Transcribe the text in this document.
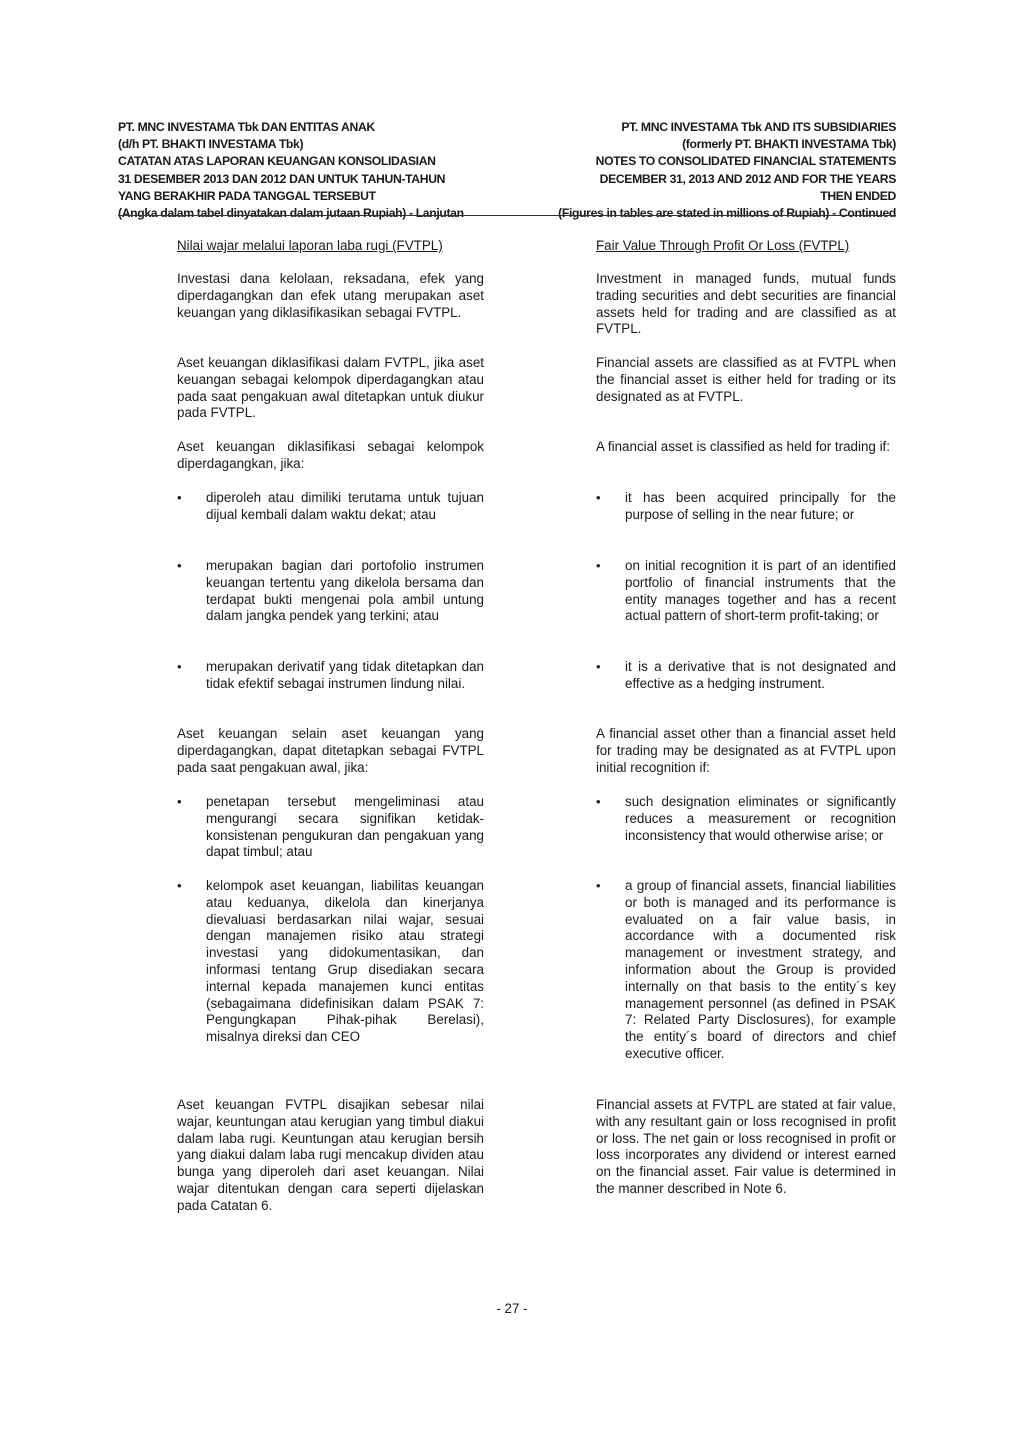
PT. MNC INVESTAMA Tbk DAN ENTITAS ANAK
(d/h PT. BHAKTI INVESTAMA Tbk)
CATATAN ATAS LAPORAN KEUANGAN KONSOLIDASIAN
31 DESEMBER 2013 DAN 2012 DAN UNTUK TAHUN-TAHUN
YANG BERAKHIR PADA TANGGAL TERSEBUT
(Angka dalam tabel dinyatakan dalam jutaan Rupiah) - Lanjutan
PT. MNC INVESTAMA Tbk AND ITS SUBSIDIARIES
(formerly PT. BHAKTI INVESTAMA Tbk)
NOTES TO CONSOLIDATED FINANCIAL STATEMENTS
DECEMBER 31, 2013 AND 2012 AND FOR THE YEARS
THEN ENDED
(Figures in tables are stated in millions of Rupiah) - Continued
Nilai wajar melalui laporan laba rugi (FVTPL)
Investasi dana kelolaan, reksadana, efek yang diperdagangkan dan efek utang merupakan aset keuangan yang diklasifikasikan sebagai FVTPL.
Aset keuangan diklasifikasi dalam FVTPL, jika aset keuangan sebagai kelompok diperdagangkan atau pada saat pengakuan awal ditetapkan untuk diukur pada FVTPL.
Aset keuangan diklasifikasi sebagai kelompok diperdagangkan, jika:
• diperoleh atau dimiliki terutama untuk tujuan dijual kembali dalam waktu dekat; atau
• merupakan bagian dari portofolio instrumen keuangan tertentu yang dikelola bersama dan terdapat bukti mengenai pola ambil untung dalam jangka pendek yang terkini; atau
• merupakan derivatif yang tidak ditetapkan dan tidak efektif sebagai instrumen lindung nilai.
Aset keuangan selain aset keuangan yang diperdagangkan, dapat ditetapkan sebagai FVTPL pada saat pengakuan awal, jika:
• penetapan tersebut mengeliminasi atau mengurangi secara signifikan ketidak-konsistenan pengukuran dan pengakuan yang dapat timbul; atau
• kelompok aset keuangan, liabilitas keuangan atau keduanya, dikelola dan kinerjanya dievaluasi berdasarkan nilai wajar, sesuai dengan manajemen risiko atau strategi investasi yang didokumentasikan, dan informasi tentang Grup disediakan secara internal kepada manajemen kunci entitas (sebagaimana didefinisikan dalam PSAK 7: Pengungkapan Pihak-pihak Berelasi), misalnya direksi dan CEO
Aset keuangan FVTPL disajikan sebesar nilai wajar, keuntungan atau kerugian yang timbul diakui dalam laba rugi. Keuntungan atau kerugian bersih yang diakui dalam laba rugi mencakup dividen atau bunga yang diperoleh dari aset keuangan. Nilai wajar ditentukan dengan cara seperti dijelaskan pada Catatan 6.
Fair Value Through Profit Or Loss (FVTPL)
Investment in managed funds, mutual funds trading securities and debt securities are financial assets held for trading and are classified as at FVTPL.
Financial assets are classified as at FVTPL when the financial asset is either held for trading or its designated as at FVTPL.
A financial asset is classified as held for trading if:
• it has been acquired principally for the purpose of selling in the near future; or
• on initial recognition it is part of an identified portfolio of financial instruments that the entity manages together and has a recent actual pattern of short-term profit-taking; or
• it is a derivative that is not designated and effective as a hedging instrument.
A financial asset other than a financial asset held for trading may be designated as at FVTPL upon initial recognition if:
• such designation eliminates or significantly reduces a measurement or recognition inconsistency that would otherwise arise; or
• a group of financial assets, financial liabilities or both is managed and its performance is evaluated on a fair value basis, in accordance with a documented risk management or investment strategy, and information about the Group is provided internally on that basis to the entity´s key management personnel (as defined in PSAK 7: Related Party Disclosures), for example the entity´s board of directors and chief executive officer.
Financial assets at FVTPL are stated at fair value, with any resultant gain or loss recognised in profit or loss. The net gain or loss recognised in profit or loss incorporates any dividend or interest earned on the financial asset. Fair value is determined in the manner described in Note 6.
- 27 -
